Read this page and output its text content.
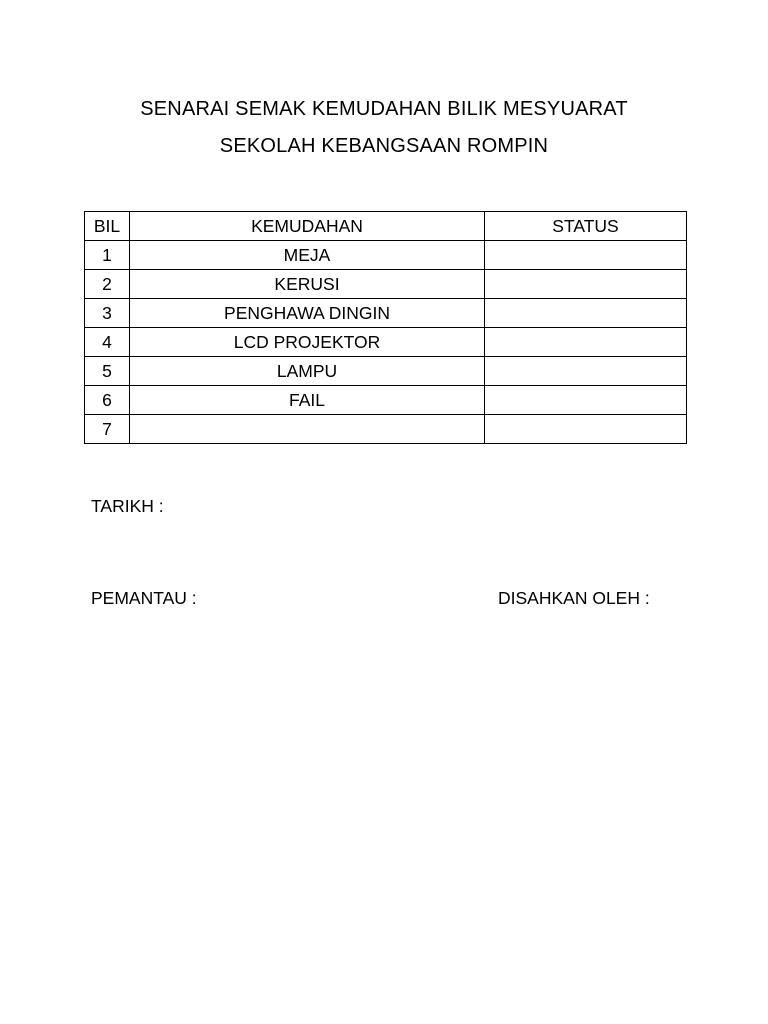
SENARAI SEMAK KEMUDAHAN BILIK MESYUARAT
SEKOLAH KEBANGSAAN ROMPIN
BIL	KEMUDAHAN	STATUS
1	MEJA	
2	KERUSI	
3	PENGHAWA DINGIN	
4	LCD PROJEKTOR	
5	LAMPU	
6	FAIL	
7		
TARIKH :
PEMANTAU :	DISAHKAN OLEH :
